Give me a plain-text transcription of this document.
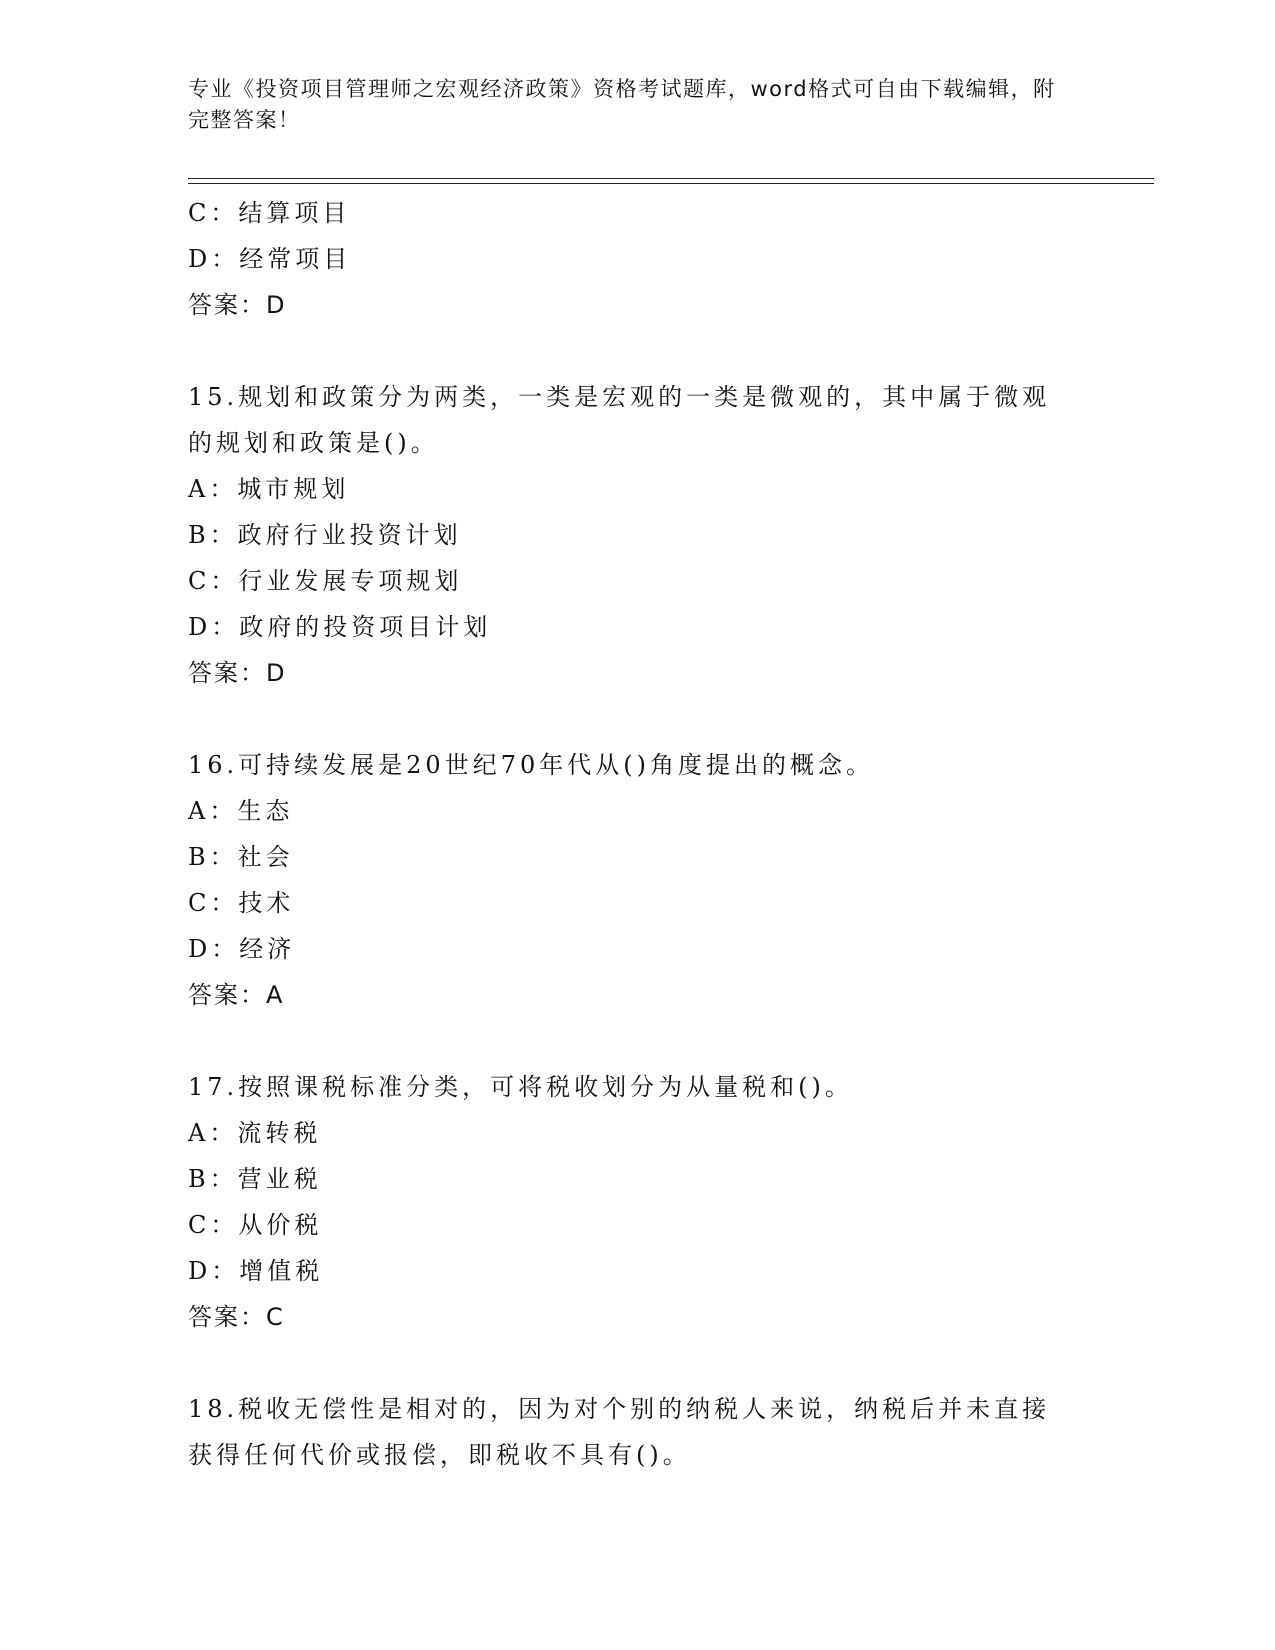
专业《投资项目管理师之宏观经济政策》资格考试题库，word格式可自由下载编辑，附完整答案！
C：结算项目
D：经常项目
答案：D
15.规划和政策分为两类，一类是宏观的一类是微观的，其中属于微观
的规划和政策是()。
A：城市规划
B：政府行业投资计划
C：行业发展专项规划
D：政府的投资项目计划
答案：D
16.可持续发展是20世纪70年代从()角度提出的概念。
A：生态
B：社会
C：技术
D：经济
答案：A
17.按照课税标准分类，可将税收划分为从量税和()。
A：流转税
B：营业税
C：从价税
D：增值税
答案：C
18.税收无偿性是相对的，因为对个别的纳税人来说，纳税后并未直接
获得任何代价或报偿，即税收不具有()。
